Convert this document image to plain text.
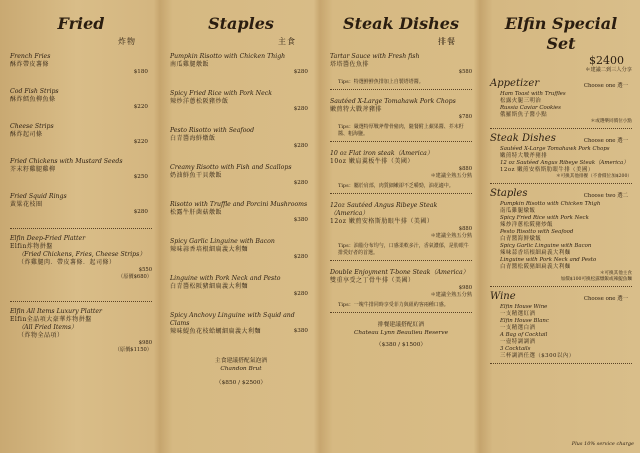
Fried
炸物
French Fries
酥炸帶皮薯條
$180
Cod Fish Strips
酥炸鱈魚柳魚條
$220
Cheese Strips
酥炸起司條
$220
Fried Chickens with Mustard Seeds
芥末籽雞腿雞柳
$250
Fried Squid Rings
黃粱花枝圈
$280
Elfin Deep-Fried Platter
Elfin炸物拼盤
（Fried Chickens, Fries, Cheese Strips）
（炸雞腿肉．帶皮薯條．起司條）
$550
（原價$680）
Elfin All Items Luxury Platter
Elfin全品項大豪華炸物拼盤
（All Fried Items）
（炸物全品項）
$980
（原價$1150）
Staples
主食
Pumpkin Risotto with Chicken Thigh
南瓜雞腿燉飯
$280
Spicy Fried Rice with Pork Neck
辣炒洋蔥松阪豬炒飯
$280
Pesto Risotto with Seafood
白青醬海鮮燉飯
$280
Creamy Risotto with Fish and Scallops
奶油鮮魚干貝燉飯
$280
Risotto with Truffle and Porcini Mushrooms
松露牛肝菌菇燉飯
$380
Spicy Garlic Linguine with Bacon
辣味蒜香培根細扁義大利麵
$280
Linguine with Pork Neck and Pesto
白青醬松阪豬細扁義大利麵
$280
Spicy Anchovy Linguine with Squid and Clams
辣味鯷魚花枝蛤蠣細扁義大利麵	$380
主食建議搭配氣泡酒
Chandon Brut
（$850 / $2500）
Steak Dishes
排餐
Tartar Sauce with Fresh fish
塔塔醬佐魚排
$580
Tips：特選鮮鮮魚排加上自製塔塔醬。
Sautéed X-Large Tomahawk Pork Chops
嫩煎特大戰斧豬排
$780
Tips：嚴選特厚戰斧帶骨豬肉，隨餐附上蘋果醬、芥末籽醬、粗海鹽。
10 oz Flat iron steak（America）
10oz 嫩肩翼板牛排（美國）
$880
＊建議全熟五分熟
Tips：屬於肩部，肉質細嫩卻不乏嚼勁，油花適中。
12oz Sautéed Angus Ribeye Steak（America）
12oz 嫩煎安格斯肋眼牛排（美國）
$880
＊建議全熟五分熟
Tips：油脂分布均勻，口感柔軟多汁，香氣濃郁，是肋眼牛排愛好者的首選。
Double Enjoyment T-bone Steak（America）
雙重享受之丁骨牛排（美國）
$980
＊建議全熟五分熟
Tips：一塊牛排同時享受菲力與紐約客兩種口感。
排餐建議搭配紅酒
Chateau Lynn Beaulieu Reserve
（$380 / $1500）
Elfin Special Set
$2400
＊建議二到三人分享
Appetizer	Choose one 選一
Ham Toast with Truffles
松露火腿三明治
Russia Caviar Cookies
俄羅斯魚子醬小點
＊或選樂同價位小點
Steak Dishes	Choose one 選一
Sautéed X-Large Tomahawk Pork Chops
嫩煎特大戰斧豬排
12 oz Sautéed Angus Ribeye Steak（America）
12oz 嫩煎安格斯肋眼牛排（美國）
＊可換其他排餐（不會價位加$200）
Staples	Choose two 選二
Pumpkin Risotto with Chicken Thigh
南瓜雞腿燉飯
Spicy Fried Rice with Pork Neck
辣炒洋蔥松阪豬炒飯
Pesto Risotto with Seafood
白青醬海鮮燉飯
Spicy Garlic Linguine with Bacon
辣味蒜香培根細扁義大利麵
Linguine with Pork Neck and Pesto
白青醬松阪豬細扁義大利麵
＊可換其他主食
加價$100可換松露燉飯或辣鯷魚麵
Wine	Choose one 選一
Elfin House Wine
一支精選紅酒
Elfin House Blanc
一支精選白酒
A Bag of Cocktail
一壺特調調酒
3 Cocktails
三杯調酒任選（$300以內）
Plus 10% service charge
